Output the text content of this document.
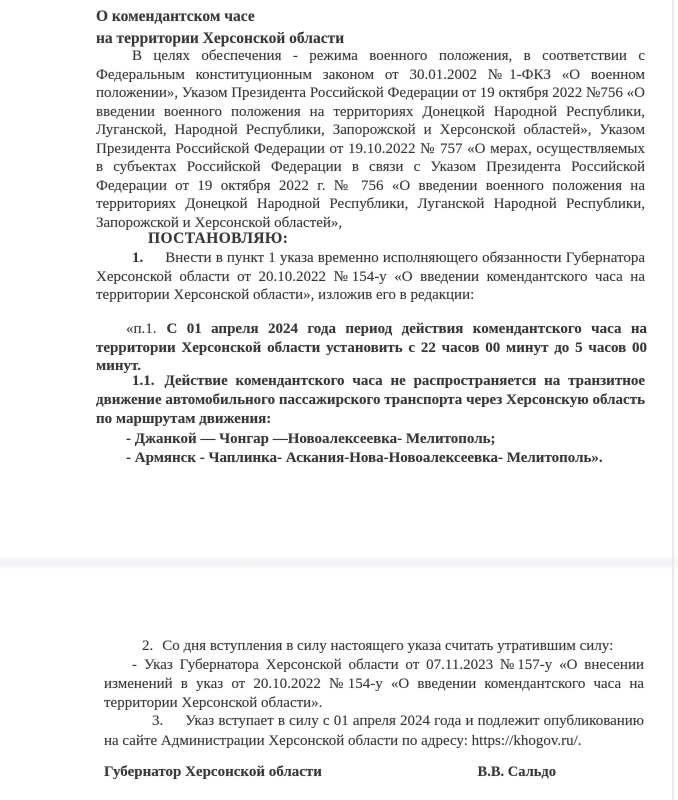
О комендантском часе
на территории Херсонской области
В целях обеспечения - режима военного положения, в соответствии с Федеральным конституционным законом от 30.01.2002 №1-ФКЗ «О военном положении», Указом Президента Российской Федерации от 19 октября 2022 №756 «О введении военного положения на территориях Донецкой Народной Республики, Луганской, Народной Республики, Запорожской и Херсонской областей», Указом Президента Российской Федерации от 19.10.2022 № 757 «О мерах, осуществляемых в субъектах Российской Федерации в связи с Указом Президента Российской Федерации от 19 октября 2022 г. № 756 «О введении военного положения на территориях Донецкой Народной Республики, Луганской Народной Республики, Запорожской и Херсонской областей»,
ПОСТАНОВЛЯЮ:
1. Внести в пункт 1 указа временно исполняющего обязанности Губернатора Херсонской области от 20.10.2022 №154-у «О введении комендантского часа на территории Херсонской области», изложив его в редакции:
«п.1. С 01 апреля 2024 года период действия комендантского часа на территории Херсонской области установить с 22 часов 00 минут до 5 часов 00 минут.
1.1. Действие комендантского часа не распространяется на транзитное движение автомобильного пассажирского транспорта через Херсонскую область по маршрутам движения:
- Джанкой — Чонгар —Новоалексеевка- Мелитополь;
- Армянск - Чаплинка- Аскания-Нова-Новоалексеевка- Мелитополь».
2. Со дня вступления в силу настоящего указа считать утратившим силу:
- Указ Губернатора Херсонской области от 07.11.2023 №157-у «О внесении изменений в указ от 20.10.2022 №154-у «О введении комендантского часа на территории Херсонской области».
3. Указ вступает в силу с 01 апреля 2024 года и подлежит опубликованию на сайте Администрации Херсонской области по адресу: https://khogov.ru/.
Губернатор Херсонской области	В.В. Сальдо
